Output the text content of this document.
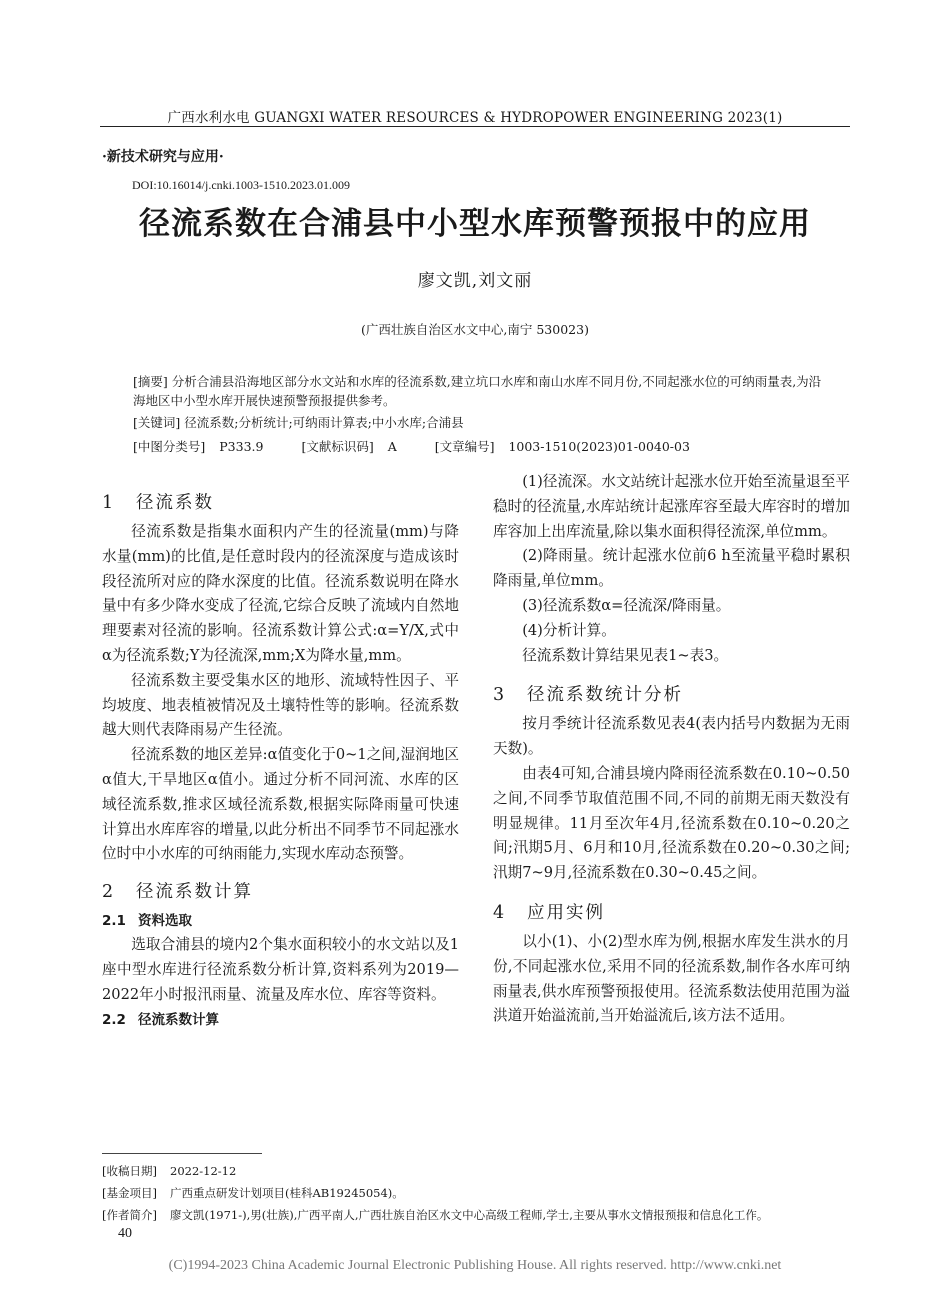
广西水利水电 GUANGXI WATER RESOURCES & HYDROPOWER ENGINEERING 2023(1)
·新技术研究与应用·
DOI:10.16014/j.cnki.1003-1510.2023.01.009
径流系数在合浦县中小型水库预警预报中的应用
廖文凯,刘文丽
(广西壮族自治区水文中心,南宁 530023)
[摘要] 分析合浦县沿海地区部分水文站和水库的径流系数,建立坑口水库和南山水库不同月份,不同起涨水位的可纳雨量表,为沿海地区中小型水库开展快速预警预报提供参考。
[关键词] 径流系数;分析统计;可纳雨计算表;中小水库;合浦县
[中图分类号] P333.9	[文献标识码] A	[文章编号] 1003-1510(2023)01-0040-03
1 径流系数

径流系数是指集水面积内产生的径流量(mm)与降水量(mm)的比值,是任意时段内的径流深度与造成该时段径流所对应的降水深度的比值。径流系数说明在降水量中有多少降水变成了径流,它综合反映了流域内自然地理要素对径流的影响。径流系数计算公式:α=Y/X,式中α为径流系数;Y为径流深,mm;X为降水量,mm。

径流系数主要受集水区的地形、流域特性因子、平均坡度、地表植被情况及土壤特性等的影响。径流系数越大则代表降雨易产生径流。

径流系数的地区差异:α值变化于0~1之间,湿润地区α值大,干旱地区α值小。通过分析不同河流、水库的区域径流系数,推求区域径流系数,根据实际降雨量可快速计算出水库库容的增量,以此分析出不同季节不同起涨水位时中小水库的可纳雨能力,实现水库动态预警。

2 径流系数计算
2.1 资料选取

选取合浦县的境内2个集水面积较小的水文站以及1座中型水库进行径流系数分析计算,资料系列为2019—2022年小时报汛雨量、流量及库水位、库容等资料。

2.2 径流系数计算

(1)径流深。水文站统计起涨水位开始至流量退至平稳时的径流量,水库站统计起涨库容至最大库容时的增加库容加上出库流量,除以集水面积得径流深,单位mm。

(2)降雨量。统计起涨水位前6 h至流量平稳时累积降雨量,单位mm。

(3)径流系数α=径流深/降雨量。

(4)分析计算。

径流系数计算结果见表1~表3。

3 径流系数统计分析

按月季统计径流系数见表4(表内括号内数据为无雨天数)。

由表4可知,合浦县境内降雨径流系数在0.10~0.50之间,不同季节取值范围不同,不同的前期无雨天数没有明显规律。11月至次年4月,径流系数在0.10~0.20之间;汛期5月、6月和10月,径流系数在0.20~0.30之间;汛期7~9月,径流系数在0.30~0.45之间。

4 应用实例

以小(1)、小(2)型水库为例,根据水库发生洪水的月份,不同起涨水位,采用不同的径流系数,制作各水库可纳雨量表,供水库预警预报使用。径流系数法使用范围为溢洪道开始溢流前,当开始溢流后,该方法不适用。

[收稿日期] 2022-12-12
[基金项目] 广西重点研发计划项目(桂科AB19245054)。
[作者简介] 廖文凯(1971-),男(壮族),广西平南人,广西壮族自治区水文中心高级工程师,学士,主要从事水文情报预报和信息化工作。
40
(C)1994-2023 China Academic Journal Electronic Publishing House. All rights reserved. http://www.cnki.net
